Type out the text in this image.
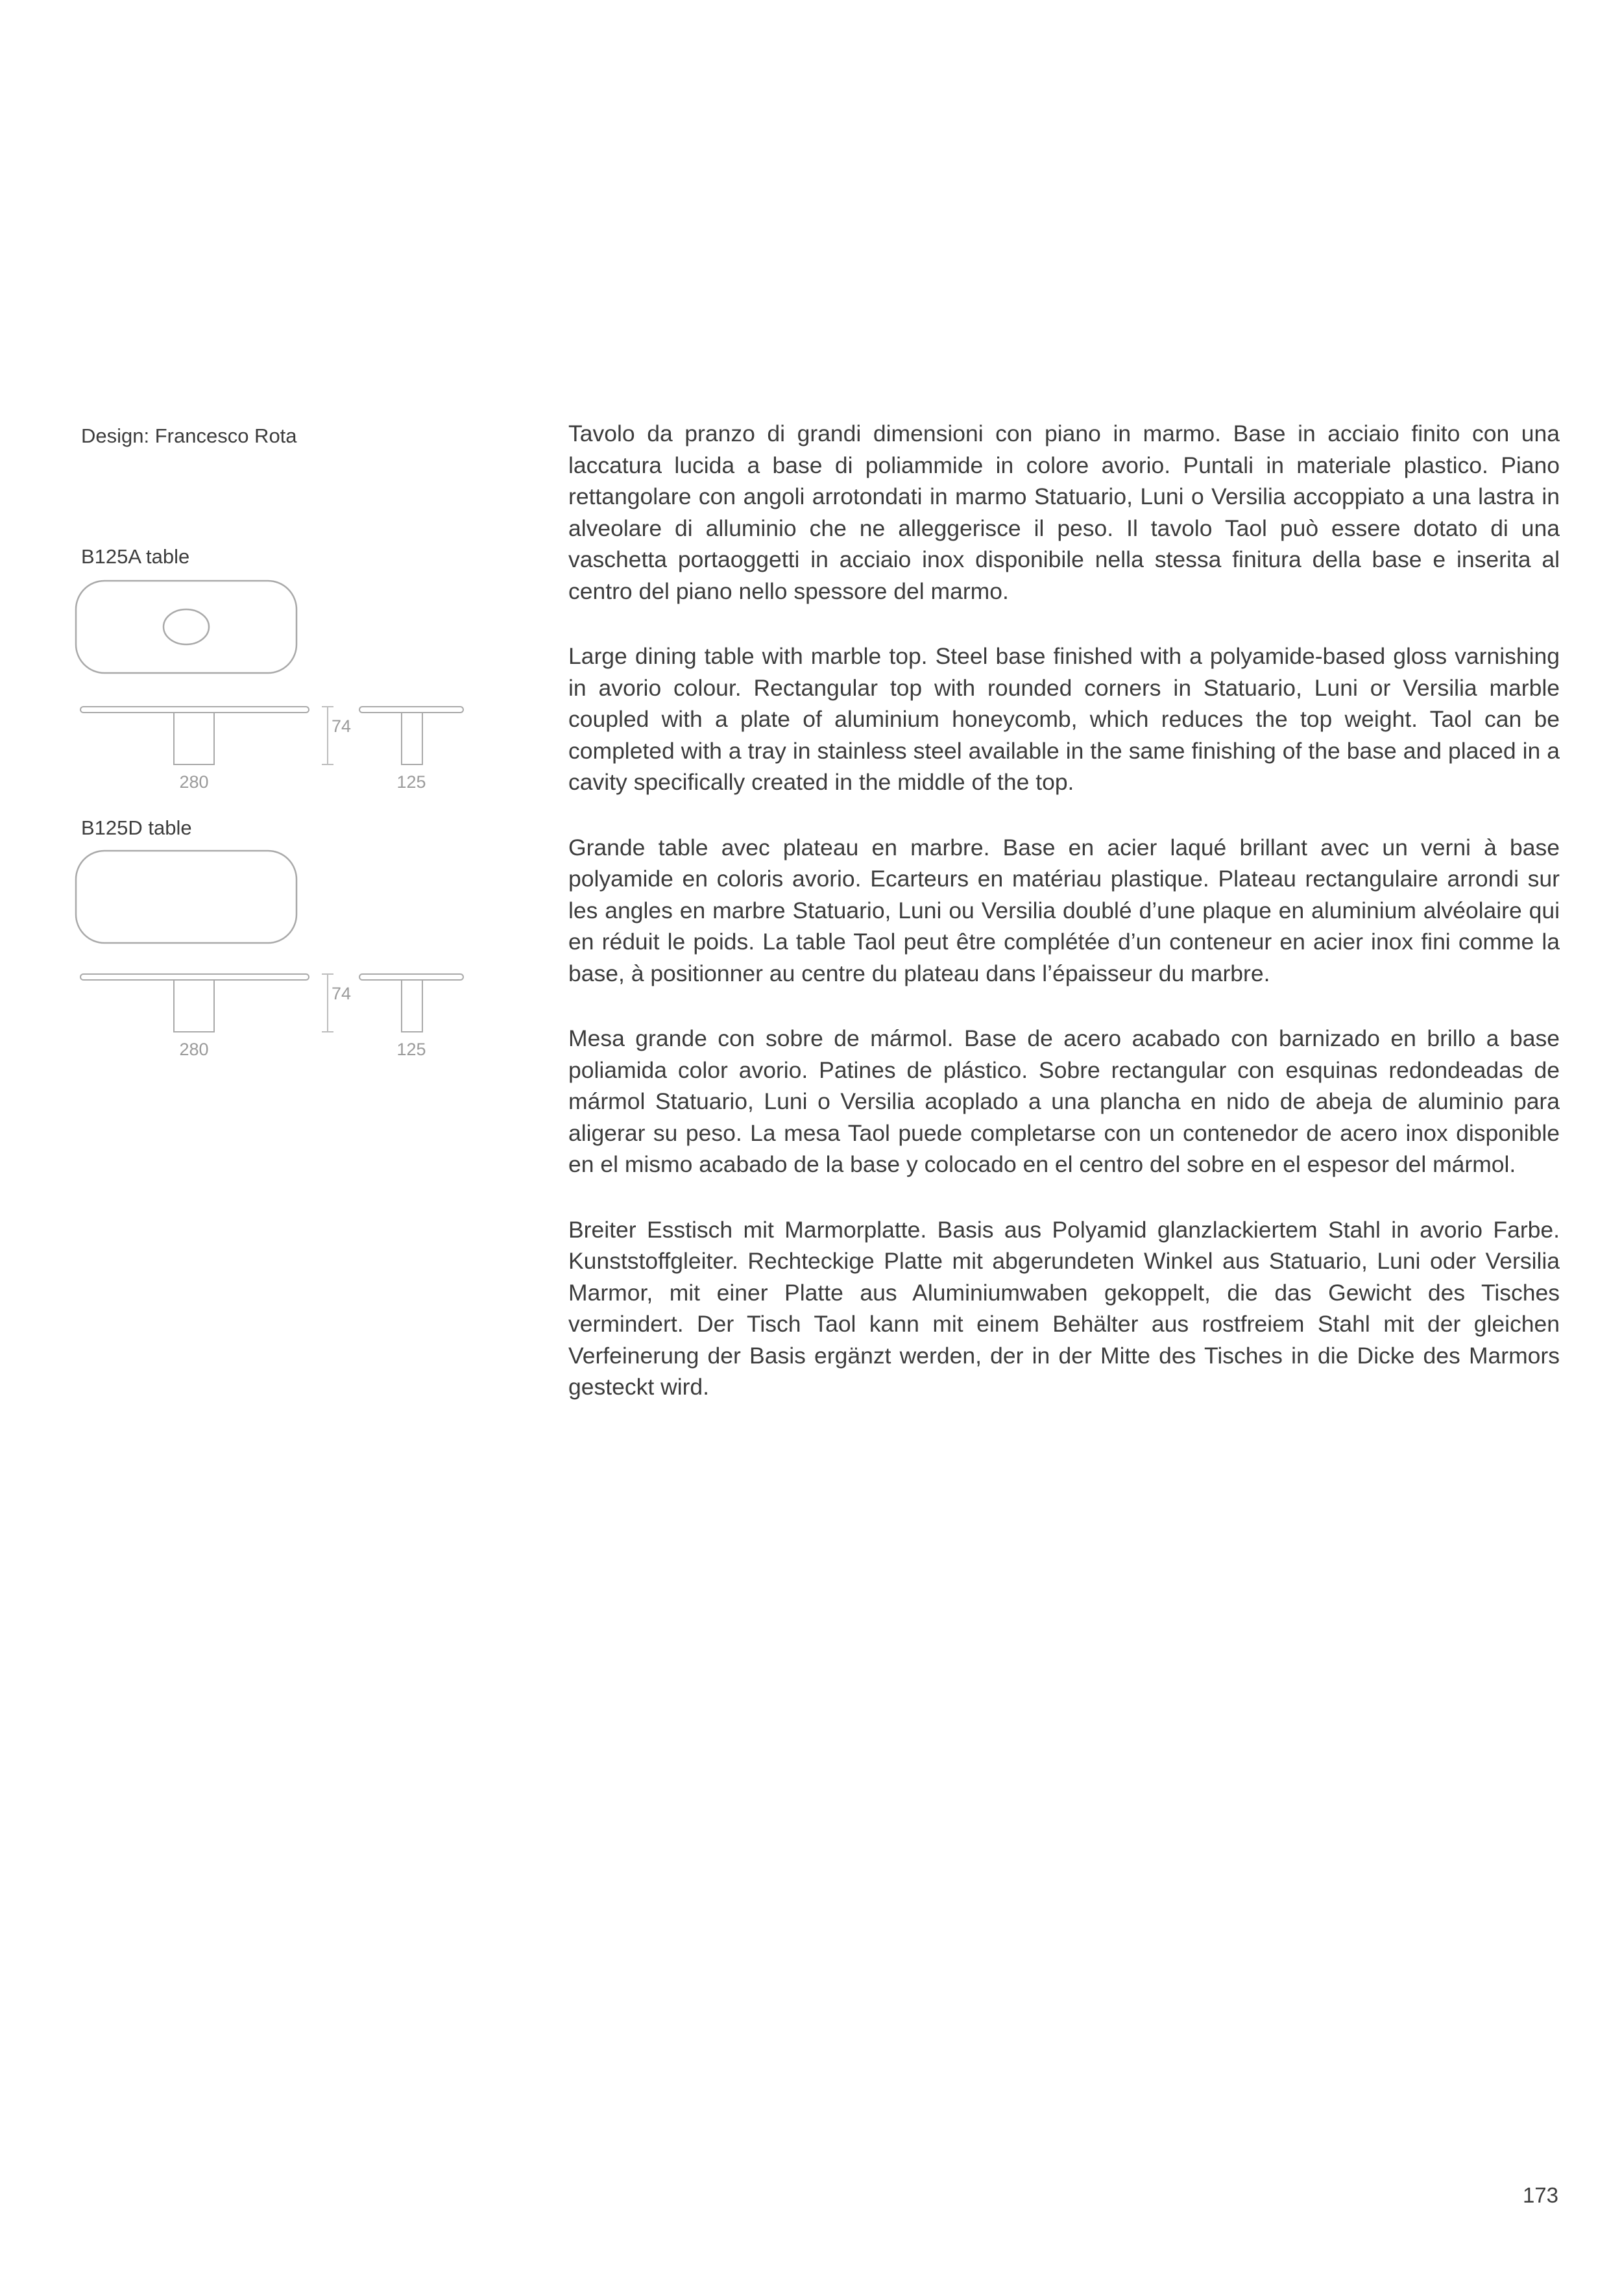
Design: Francesco Rota
B125A table
74
280	125
B125D table
74
280	125

Tavolo da pranzo di grandi dimensioni con piano in marmo. Base in acciaio finito con una laccatura lucida a base di poliammide in colore avorio. Puntali in materiale plastico. Piano rettangolare con angoli arrotondati in marmo Statuario, Luni o Versilia accoppiato a una lastra in alveolare di alluminio che ne alleggerisce il peso. Il tavolo Taol può essere dotato di una vaschetta portaoggetti in acciaio inox disponibile nella stessa finitura della base e inserita al centro del piano nello spessore del marmo.

Large dining table with marble top. Steel base finished with a polyamide-based gloss varnishing in avorio colour. Rectangular top with rounded corners in Statuario, Luni or Versilia marble coupled with a plate of aluminium honeycomb, which reduces the top weight. Taol can be completed with a tray in stainless steel available in the same finishing of the base and placed in a cavity specifically created in the middle of the top.

Grande table avec plateau en marbre. Base en acier laqué brillant avec un verni à base polyamide en coloris avorio. Ecarteurs en matériau plastique. Plateau rectangulaire arrondi sur les angles en marbre Statuario, Luni ou Versilia doublé d’une plaque en aluminium alvéolaire qui en réduit le poids. La table Taol peut être complétée d’un conteneur en acier inox fini comme la base, à positionner au centre du plateau dans l’épaisseur du marbre.

Mesa grande con sobre de mármol. Base de acero acabado con barnizado en brillo a base poliamida color avorio. Patines de plástico. Sobre rectangular con esquinas redondeadas de mármol Statuario, Luni o Versilia acoplado a una plancha en nido de abeja de aluminio para aligerar su peso. La mesa Taol puede completarse con un contenedor de acero inox disponible en el mismo acabado de la base y colocado en el centro del sobre en el espesor del mármol.

Breiter Esstisch mit Marmorplatte. Basis aus Polyamid glanzlackiertem Stahl in avorio Farbe. Kunststoffgleiter. Rechteckige Platte mit abgerundeten Winkel aus Statuario, Luni oder Versilia Marmor, mit einer Platte aus Aluminiumwaben gekoppelt, die das Gewicht des Tisches vermindert. Der Tisch Taol kann mit einem Behälter aus rostfreiem Stahl mit der gleichen Verfeinerung der Basis ergänzt werden, der in der Mitte des Tisches in die Dicke des Marmors gesteckt wird.

173
